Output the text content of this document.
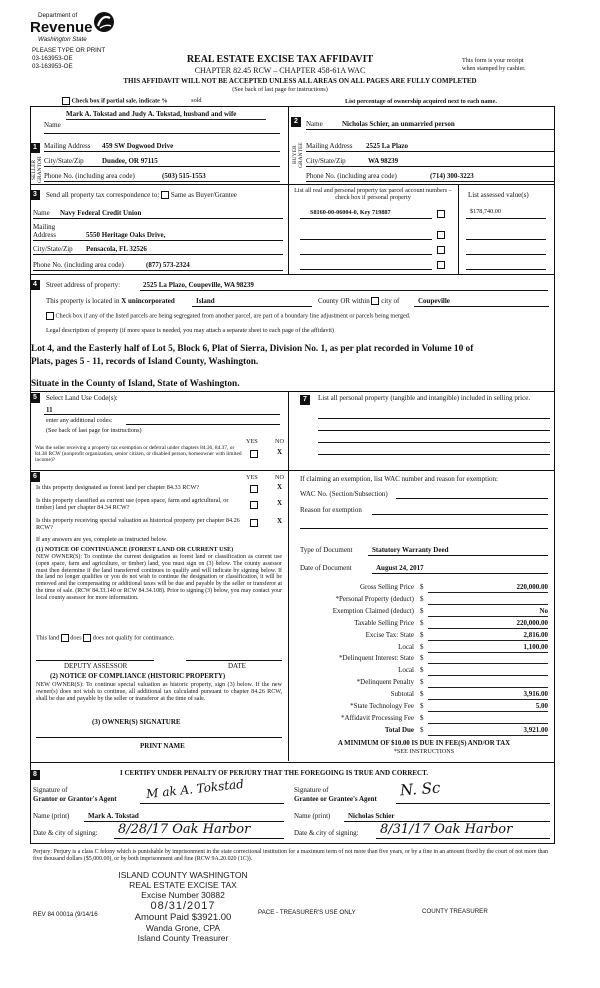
Department of
Revenue
Washington State
PLEASE TYPE OR PRINT
03-163953-OE
03-163953-OE
REAL ESTATE EXCISE TAX AFFIDAVIT
CHAPTER 82.45 RCW – CHAPTER 458-61A WAC
This form is your receipt
when stamped by cashier.
THIS AFFIDAVIT WILL NOT BE ACCEPTED UNLESS ALL AREAS ON ALL PAGES ARE FULLY COMPLETED
(See back of last page for instructions)
Check box if partial sale, indicate %	sold	List percentage of ownership acquired next to each name.
1
SELLER GRANTOR
Name
Mark A. Tokstad and Judy A. Tokstad, husband and wife
Mailing Address 459 SW Dogwood Drive
City/State/Zip	Dundee, OR 97115
Phone No. (including area code)	(503) 515-1553
2
BUYER GRANTEE
Name	Nicholas Schier, an unmarried person
Mailing Address 2525 La Plazo
City/State/Zip	WA 98239
Phone No. (including area code)	(714) 300-3223
3	Send all property tax correspondence to: Same as Buyer/Grantee
Name Navy Federal Credit Union
Mailing
Address	5550 Heritage Oaks Drive,
City/State/Zip Pensacola, FL 32526
Phone No. (including area code)	(877) 573-2324
List all real and personal property tax parcel account numbers – check box if personal property	List assessed value(s)
S8160-00-06004-0, Key 719887	$178,740.00
4	Street address of property:	2525 La Plazo, Coupeville, WA 98239
This property is located in X unincorporated	Island	County OR within city of	Coupeville
Check box if any of the listed parcels are being segregated from another parcel, are part of a boundary line adjustment or parcels being merged.
Legal description of property (if more space is needed, you may attach a separate sheet to each page of the affidavit)
Lot 4, and the Easterly half of Lot 5, Block 6, Plat of Sierra, Division No. 1, as per plat recorded in Volume 10 of
Plats, pages 5 - 11, records of Island County, Washington.
Situate in the County of Island, State of Washington.
5	Select Land Use Code(s):
11
enter any additional codes:
(See back of last page for instructions)
YES	NO
Was the seller receiving a property tax exemption or deferral under chapters 84.36, 84.37, or 84.38 RCW (nonprofit organization, senior citizen, or disabled person, homeowner with limited income)?
X
6	YES	NO
Is this property designated as forest land per chapter 84.33 RCW?	X
Is this property classified as current use (open space, farm and agricultural, or timber) land per chapter 84.34 RCW?
X
Is this property receiving special valuation as historical property per chapter 84.26 RCW?
X
If any answers are yes, complete as instructed below.
(1) NOTICE OF CONTINUANCE (FOREST LAND OR CURRENT USE)
NEW OWNER(S): To continue the current designation as forest land or classification as current use (open space, farm and agriculture, or timber) land, you must sign on (3) below. The county assessor must then determine if the land transferred continues to qualify and will indicate by signing below. If the land no longer qualifies or you do not wish to continue the designation or classification, it will be removed and the compensating or additional taxes will be due and payable by the seller or transferor at the time of sale. (RCW 84.33.140 or RCW 84.34.108). Prior to signing (3) below, you may contact your local county assessor for more information.
This land does does not qualify for continuance.
DEPUTY ASSESSOR	DATE
(2) NOTICE OF COMPLIANCE (HISTORIC PROPERTY)
NEW OWNER(S): To continue special valuation as historic property, sign (3) below. If the new owner(s) does not wish to continue, all additional tax calculated pursuant to chapter 84.26 RCW, shall be due and payable by the seller or transferor at the time of sale.
(3) OWNER(S) SIGNATURE
PRINT NAME
7	List all personal property (tangible and intangible) included in selling price.
If claiming an exemption, list WAC number and reason for exemption:
WAC No. (Section/Subsection)
Reason for exemption
Type of Document	Statutory Warranty Deed
Date of Document	August 24, 2017
Gross Selling Price $	220,000.00
*Personal Property (deduct) $
Exemption Claimed (deduct) $	No
Taxable Selling Price $	220,000.00
Excise Tax: State $	2,816.00
Local $	1,100.00
*Delinquent Interest: State $
Local $
*Delinquent Penalty $
Subtotal $	3,916.00
*State Technology Fee $	5.00
*Affidavit Processing Fee $
Total Due $	3,921.00
A MINIMUM OF $10.00 IS DUE IN FEE(S) AND/OR TAX
*SEE INSTRUCTIONS
8	I CERTIFY UNDER PENALTY OF PERJURY THAT THE FOREGOING IS TRUE AND CORRECT.
Signature of
Grantor or Grantor's Agent M ak A. Tokstad	Signature of
Grantee or Grantee's Agent N. Sc
Name (print)	Mark A. Tokstad	Name (print)	Nicholas Schier
Date & city of signing: 8/28/17 Oak Harbor	Date & city of signing: 8/31/17 Oak Harbor
Perjury: Perjury is a class C felony which is punishable by imprisonment in the state correctional institution for a maximum term of not more than five years, or by a fine in an amount fixed by the court of not more than five thousand dollars ($5,000.00), or by both imprisonment and fine (RCW 9A.20.020 (1C)).
ISLAND COUNTY WASHINGTON
REAL ESTATE EXCISE TAX
Excise Number 30882
08/31/2017
Amount Paid $3921.00
Wanda Grone, CPA
Island County Treasurer
REV 84 0001a (9/14/16	PACE - TREASURER'S USE ONLY	COUNTY TREASURER
